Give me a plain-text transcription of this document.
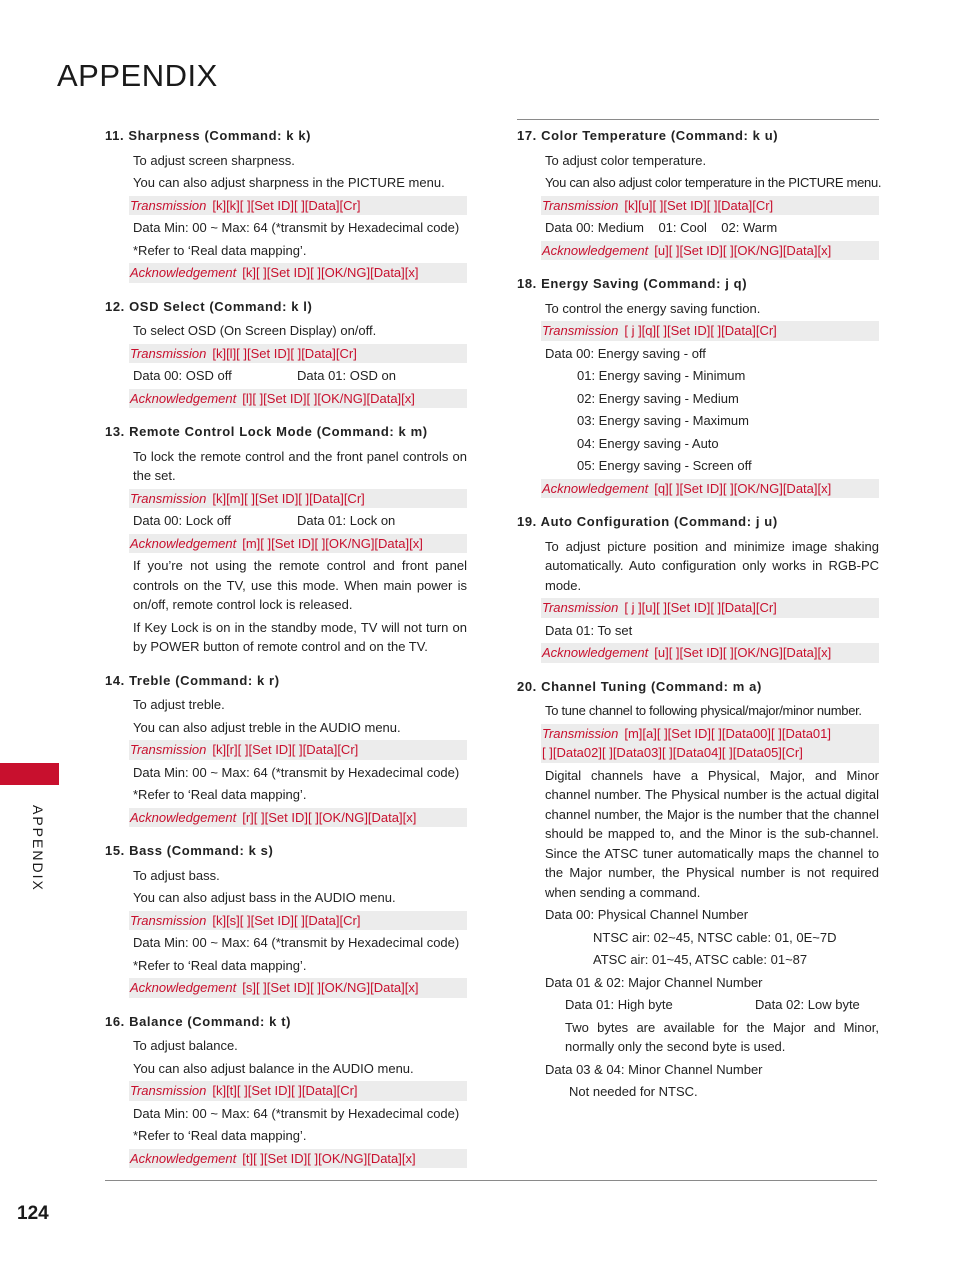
APPENDIX
APPENDIX
124
11. Sharpness (Command: k k)
To adjust screen sharpness.
You can also adjust sharpness in the PICTURE menu.
Transmission [k][k][ ][Set ID][ ][Data][Cr]
Data Min: 00 ~ Max: 64 (*transmit by Hexadecimal code)
*Refer to ‘Real data mapping’.
Acknowledgement [k][ ][Set ID][ ][OK/NG][Data][x]
12. OSD Select (Command: k l)
To select OSD (On Screen Display) on/off.
Transmission [k][l][ ][Set ID][ ][Data][Cr]
Data 00: OSD off	Data 01: OSD on
Acknowledgement [l][ ][Set ID][ ][OK/NG][Data][x]
13. Remote Control Lock Mode (Command: k m)
To lock the remote control and the front panel controls on the set.
Transmission [k][m][ ][Set ID][ ][Data][Cr]
Data 00: Lock off	Data 01: Lock on
Acknowledgement [m][ ][Set ID][ ][OK/NG][Data][x]
If you’re not using the remote control and front panel controls on the TV, use this mode. When main power is on/off, remote control lock is released.
If Key Lock is on in the standby mode, TV will not turn on by POWER button of remote control and on the TV.
14. Treble (Command: k r)
To adjust treble.
You can also adjust treble in the AUDIO menu.
Transmission [k][r][ ][Set ID][ ][Data][Cr]
Data Min: 00 ~ Max: 64 (*transmit by Hexadecimal code)
*Refer to ‘Real data mapping’.
Acknowledgement [r][ ][Set ID][ ][OK/NG][Data][x]
15. Bass (Command: k s)
To adjust bass.
You can also adjust bass in the AUDIO menu.
Transmission [k][s][ ][Set ID][ ][Data][Cr]
Data Min: 00 ~ Max: 64 (*transmit by Hexadecimal code)
*Refer to ‘Real data mapping’.
Acknowledgement [s][ ][Set ID][ ][OK/NG][Data][x]
16. Balance (Command: k t)
To adjust balance.
You can also adjust balance in the AUDIO menu.
Transmission [k][t][ ][Set ID][ ][Data][Cr]
Data Min: 00 ~ Max: 64 (*transmit by Hexadecimal code)
*Refer to ‘Real data mapping’.
Acknowledgement [t][ ][Set ID][ ][OK/NG][Data][x]
17. Color Temperature (Command: k u)
To adjust color temperature.
You can also adjust color temperature in the PICTURE menu.
Transmission [k][u][ ][Set ID][ ][Data][Cr]
Data 00: Medium    01: Cool    02: Warm
Acknowledgement [u][ ][Set ID][ ][OK/NG][Data][x]
18. Energy Saving (Command: j q)
To control the energy saving function.
Transmission [ j ][q][ ][Set ID][ ][Data][Cr]
Data 00: Energy saving - off
01: Energy saving - Minimum
02: Energy saving - Medium
03: Energy saving - Maximum
04: Energy saving - Auto
05: Energy saving - Screen off
Acknowledgement [q][ ][Set ID][ ][OK/NG][Data][x]
19. Auto Configuration (Command: j u)
To adjust picture position and minimize image shaking automatically. Auto configuration only works in RGB-PC mode.
Transmission [ j ][u][ ][Set ID][ ][Data][Cr]
Data 01: To set
Acknowledgement [u][ ][Set ID][ ][OK/NG][Data][x]
20. Channel Tuning (Command: m a)
To tune channel to following physical/major/minor number.
Transmission [m][a][ ][Set ID][ ][Data00][ ][Data01]
[ ][Data02][ ][Data03][ ][Data04][ ][Data05][Cr]
Digital channels have a Physical, Major, and Minor channel number. The Physical number is the actual digital channel number, the Major is the number that the channel should be mapped to, and the Minor is the sub-channel. Since the ATSC tuner automatically maps the channel to the Major number, the Physical number is not required when sending a command.
Data 00: Physical Channel Number
NTSC air: 02~45, NTSC cable: 01, 0E~7D
ATSC air: 01~45, ATSC cable: 01~87
Data 01 & 02: Major Channel Number
Data 01: High byte	Data 02: Low byte
Two bytes are available for the Major and Minor, normally only the second byte is used.
Data 03 & 04: Minor Channel Number
Not needed for NTSC.
